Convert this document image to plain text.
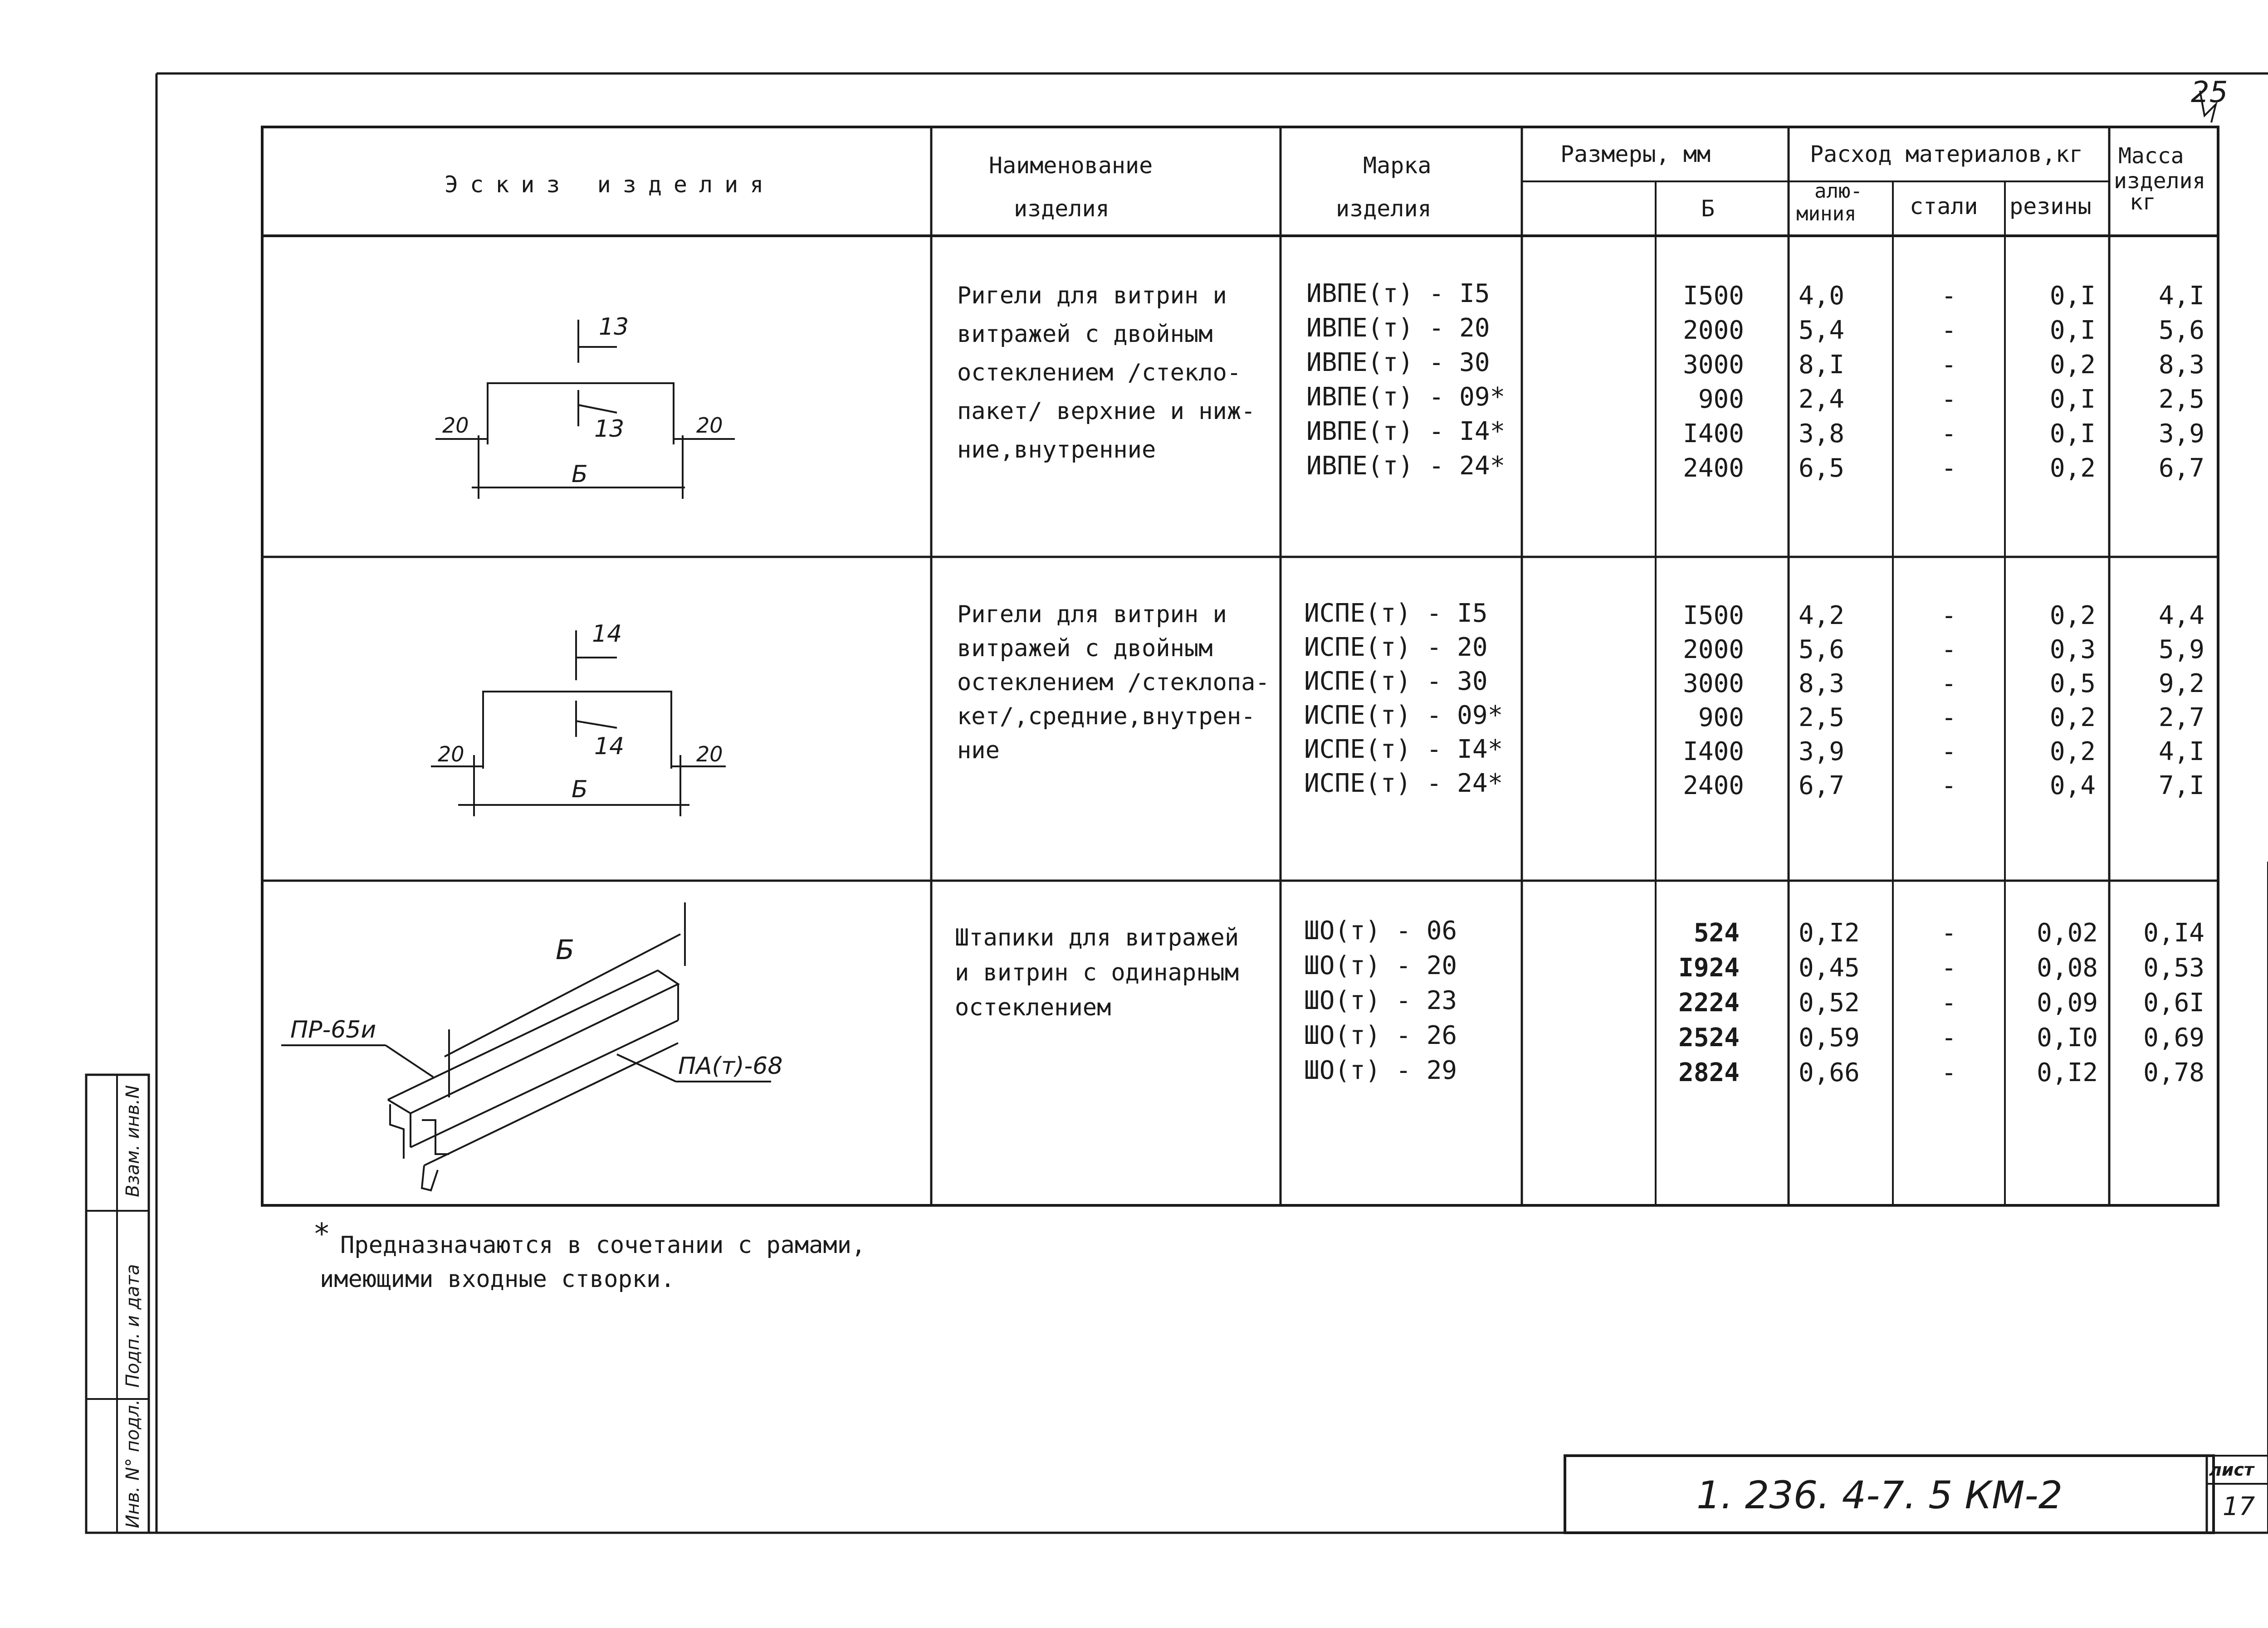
25
Эскиз изделия
Наименование
изделия
Марка
изделия
Размеры, мм
Б
Расход материалов,кг
алю-
миния стали резины
Масса
изделия
кг
Ригели для витрин и
витражей с двойным
остеклением /стекло-
пакет/ верхние и ниж-
ние,внутренние
ИВПЕ(т) - I5
ИВПЕ(т) - 20
ИВПЕ(т) - 30
ИВПЕ(т) - 09*
ИВПЕ(т) - I4*
ИВПЕ(т) - 24*
I500
2000
3000
900
I400
2400
4,0
5,4
8,I
2,4
3,8
6,5
-
-
-
-
-
-
0,I
0,I
0,2
0,I
0,I
0,2
4,I
5,6
8,3
2,5
3,9
6,7
13
13
20	20
Б
Ригели для витрин и
витражей с двойным
остеклением /стеклопа-
кет/,средние,внутрен-
ние
ИСПЕ(т) - I5
ИСПЕ(т) - 20
ИСПЕ(т) - 30
ИСПЕ(т) - 09*
ИСПЕ(т) - I4*
ИСПЕ(т) - 24*
I500
2000
3000
900
I400
2400
4,2
5,6
8,3
2,5
3,9
6,7
-
-
-
-
-
-
0,2
0,3
0,5
0,2
0,2
0,4
4,4
5,9
9,2
2,7
4,I
7,I
14
14
20	20
Б
Штапики для витражей
и витрин с одинарным
остеклением
ШО(т) - 06
ШО(т) - 20
ШО(т) - 23
ШО(т) - 26
ШО(т) - 29
524
I924
2224
2524
2824
0,I2
0,45
0,52
0,59
0,66
-
-
-
-
-
0,02
0,08
0,09
0,I0
0,I2
0,I4
0,53
0,6I
0,69
0,78
Б
ПР-65и
ПА(т)-68
* Предназначаются в сочетании с рамами,
имеющими входные створки.
1. 236. 4-7. 5 КМ-2
лист
17
Взам. инв.N
Подп. и дата
Инв. N° подл.
